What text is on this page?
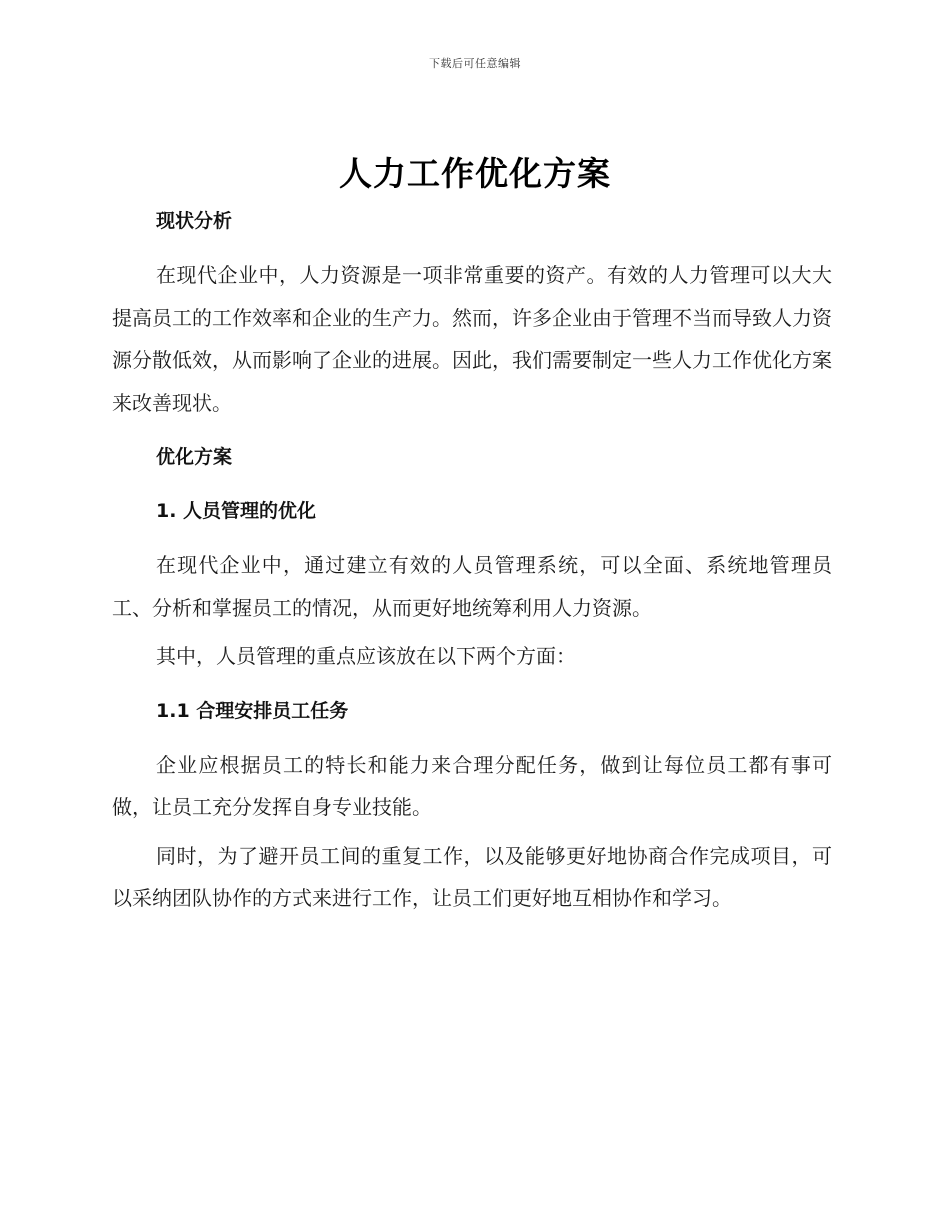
下载后可任意编辑
人力工作优化方案

现状分析

在现代企业中，人力资源是一项非常重要的资产。有效的人力管理可以大大提高员工的工作效率和企业的生产力。然而，许多企业由于管理不当而导致人力资源分散低效，从而影响了企业的进展。因此，我们需要制定一些人力工作优化方案来改善现状。

优化方案

1. 人员管理的优化

在现代企业中，通过建立有效的人员管理系统，可以全面、系统地管理员工、分析和掌握员工的情况，从而更好地统筹利用人力资源。

其中，人员管理的重点应该放在以下两个方面：

1.1 合理安排员工任务

企业应根据员工的特长和能力来合理分配任务，做到让每位员工都有事可做，让员工充分发挥自身专业技能。

同时，为了避开员工间的重复工作，以及能够更好地协商合作完成项目，可以采纳团队协作的方式来进行工作，让员工们更好地互相协作和学习。
